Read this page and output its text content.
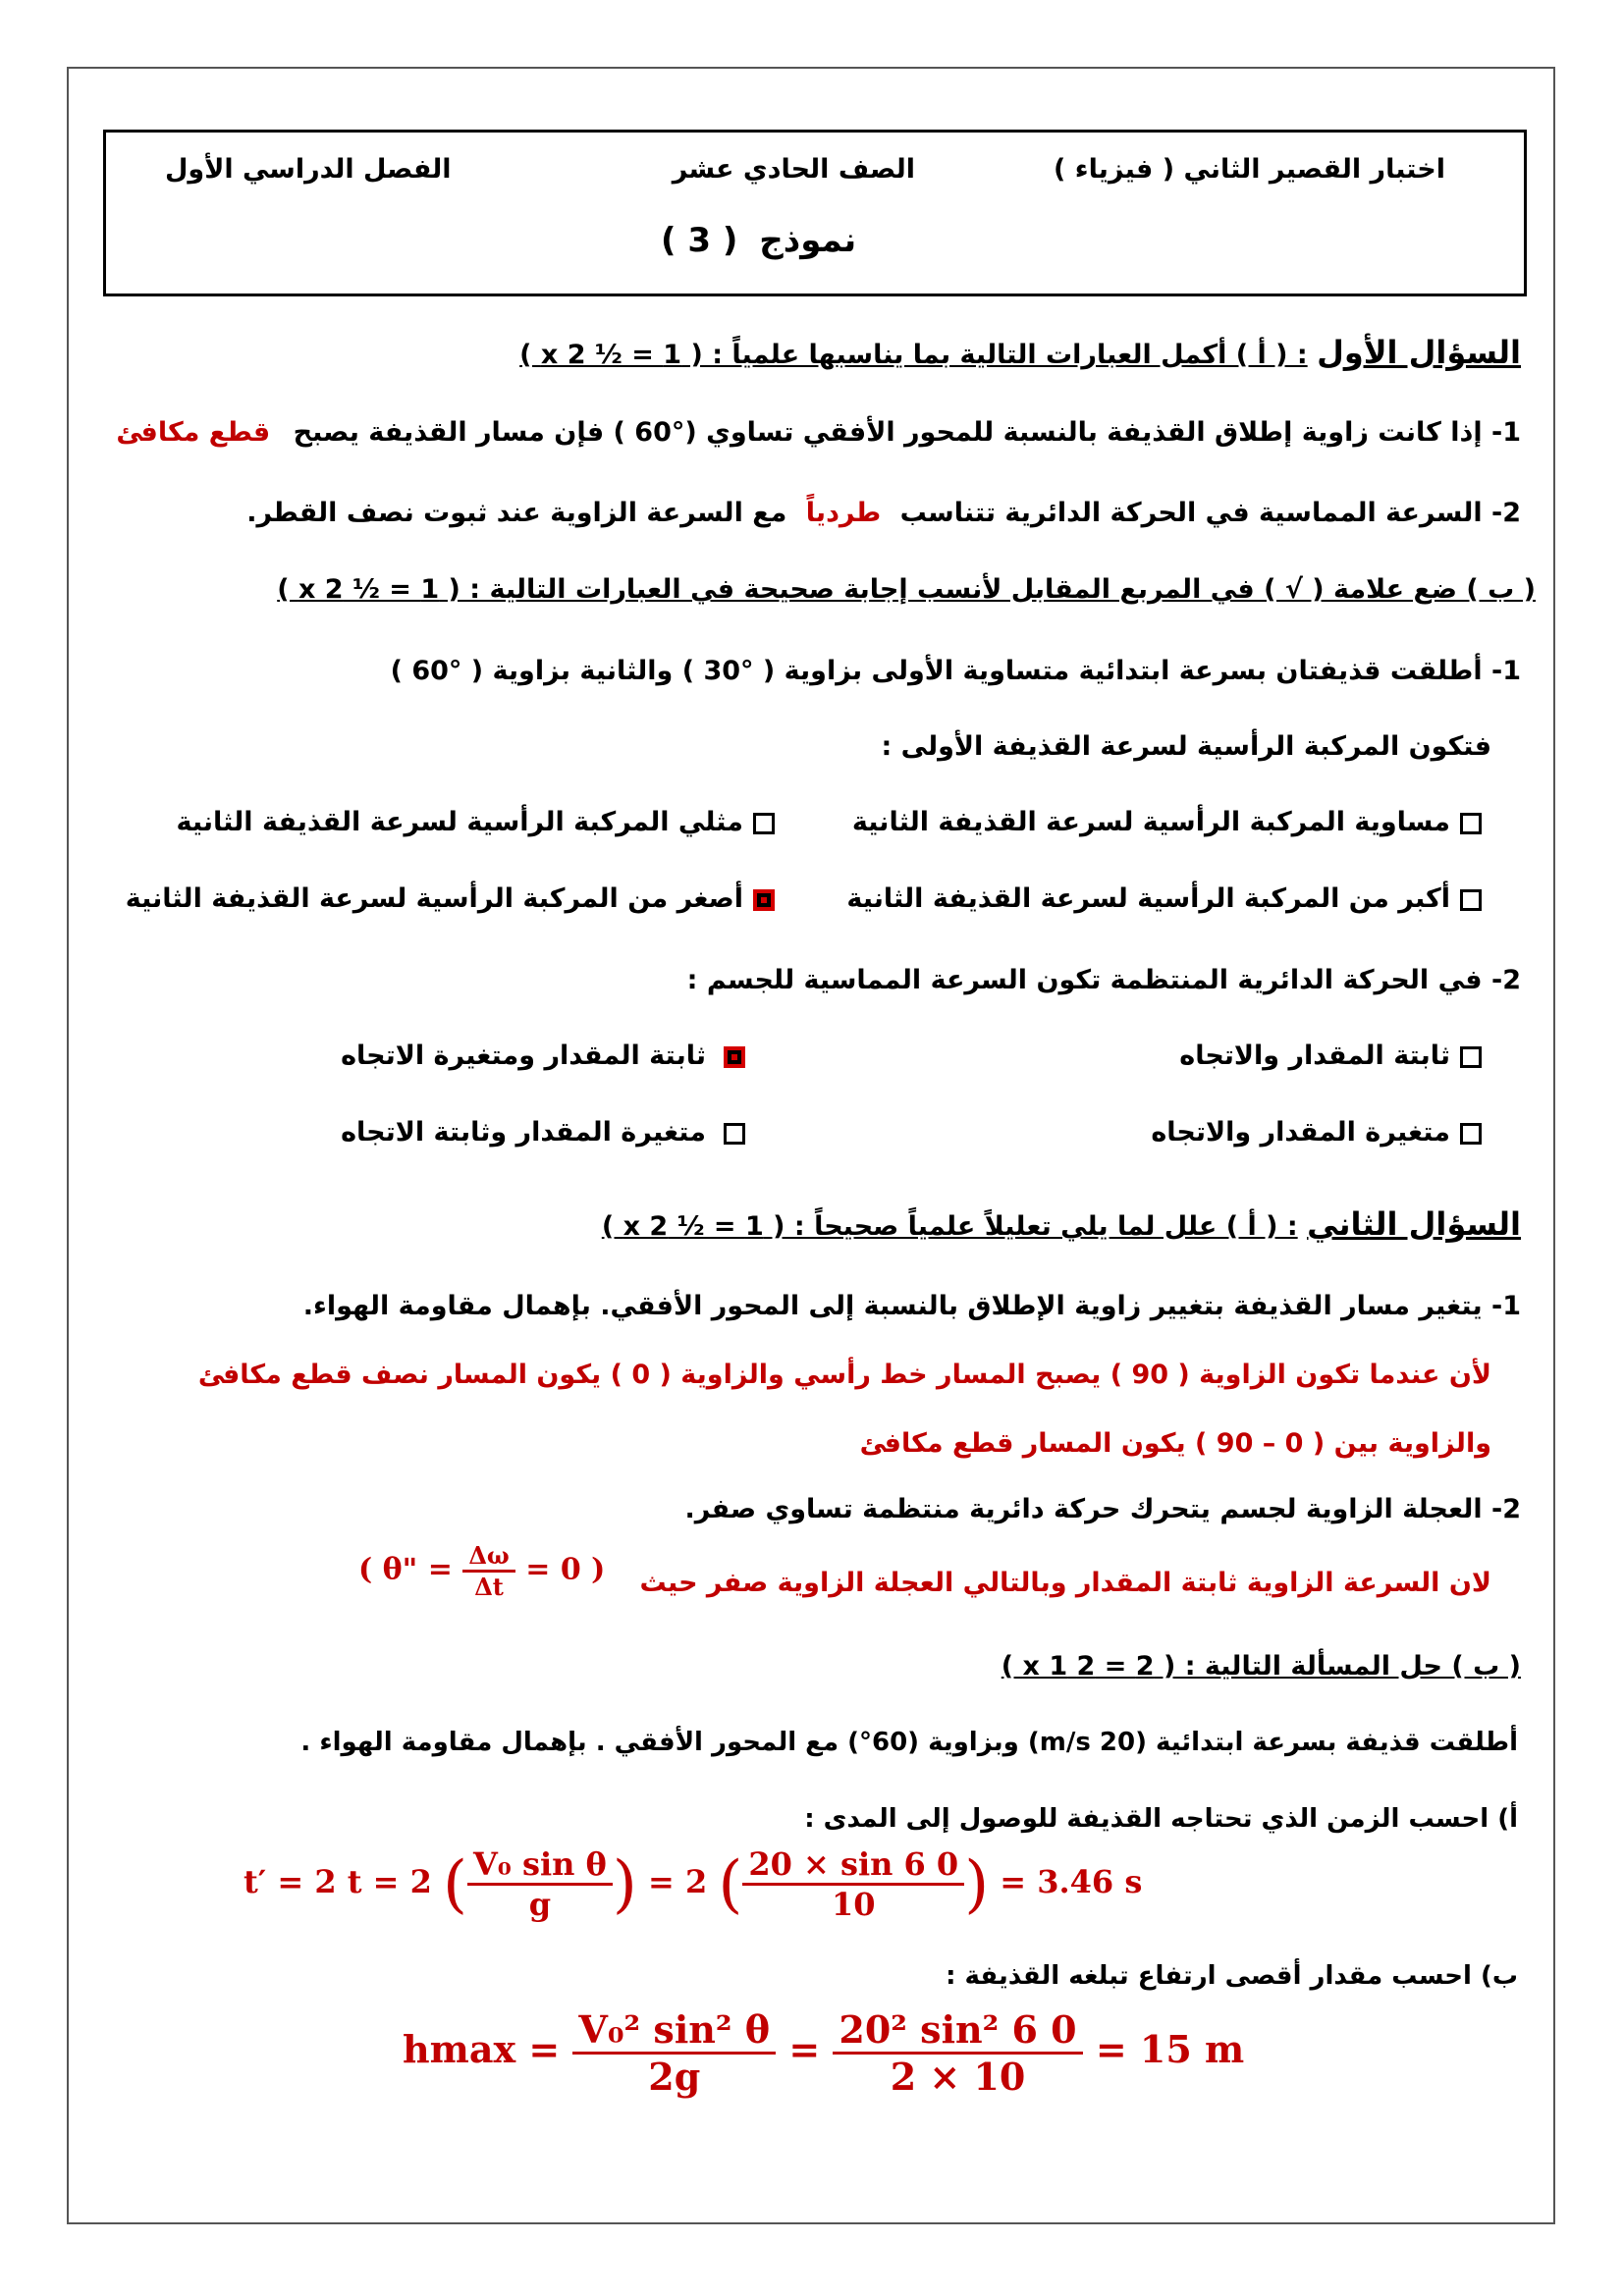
اختبار القصير الثاني ( فيزياء )
الصف الحادي عشر
الفصل الدراسي الأول
( 3 ) نموذج
السؤال الأول : ( أ ) أكمل العبارات التالية بما يناسبها علمياً : ( 1 = ½ x 2 )
1- إذا كانت زاوية إطلاق القذيفة بالنسبة للمحور الأفقي تساوي (°60 ) فإن مسار القذيفة يصبح قطع مكافئ
2- السرعة المماسية في الحركة الدائرية تتناسب طردياً مع السرعة الزاوية عند ثبوت نصف القطر.
( ب ) ضع علامة ( √ ) في المربع المقابل لأنسب إجابة صحيحة في العبارات التالية : ( 1 = ½ x 2 )
1- أطلقت قذيفتان بسرعة ابتدائية متساوية الأولى بزاوية ( °30 ) والثانية بزاوية ( °60 )
فتكون المركبة الرأسية لسرعة القذيفة الأولى :
مساوية المركبة الرأسية لسرعة القذيفة الثانية
مثلي المركبة الرأسية لسرعة القذيفة الثانية
أكبر من المركبة الرأسية لسرعة القذيفة الثانية
أصغر من المركبة الرأسية لسرعة القذيفة الثانية
2- في الحركة الدائرية المنتظمة تكون السرعة المماسية للجسم :
ثابتة المقدار والاتجاه
ثابتة المقدار ومتغيرة الاتجاه
متغيرة المقدار والاتجاه
متغيرة المقدار وثابتة الاتجاه
السؤال الثاني : ( أ ) علل لما يلي تعليلاً علمياً صحيحاً : ( 1 = ½ x 2 )
1- يتغير مسار القذيفة بتغيير زاوية الإطلاق بالنسبة إلى المحور الأفقي. بإهمال مقاومة الهواء.
لأن عندما تكون الزاوية ( 90 ) يصبح المسار خط رأسي والزاوية ( 0 ) يكون المسار نصف قطع مكافئ
والزاوية بين ( 0 – 90 ) يكون المسار قطع مكافئ
2- العجلة الزاوية لجسم يتحرك حركة دائرية منتظمة تساوي صفر.
لان السرعة الزاوية ثابتة المقدار وبالتالي العجلة الزاوية صفر حيث
( θ" = $\frac{\Delta\omega}{\Delta t} = 0$ )
( ب ) حل المسألة التالية : ( 2 = 2 x 1 )
أطلقت قذيفة بسرعة ابتدائية (20 m/s) وبزاوية (60°) مع المحور الأفقي . بإهمال مقاومة الهواء .
أ) احسب الزمن الذي تحتاجه القذيفة للوصول إلى المدى :
t′ = 2 t = 2 ( $\frac{\text{V₀ sin θ}}{g}$ ) = 2 ( $\frac{20 \times \sin 6 0}{10}$ ) = 3.46 s
ب) احسب مقدار أقصى ارتفاع تبلغه القذيفة :
$hmax = \frac{\text{V₀² sin² θ}}{2g} = \frac{\text{20² sin² 6 0}}{2 \times 10} = 15$ m
